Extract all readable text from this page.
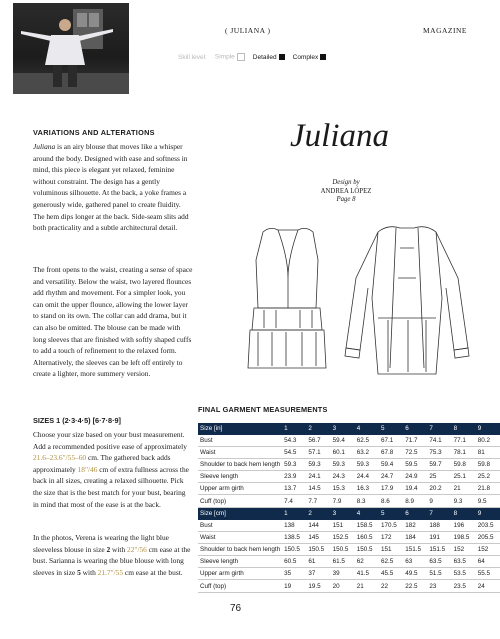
( JULIANA )	MAGAZINE
Skill level: Simple	Detailed	Complex
VARIATIONS AND ALTERATIONS
Juliana is an airy blouse that moves like a whisper around the body. Designed with ease and softness in mind, this piece is elegant yet relaxed, feminine without constraint. The design has a gently voluminous silhouette. At the back, a yoke frames a generously wide, gathered panel to create fluidity. The hem dips longer at the back. Side-seam slits add both practicality and a subtle architectural detail.
The front opens to the waist, creating a sense of space and versatility. Below the waist, two layered flounces add rhythm and movement. For a simpler look, you can omit the upper flounce, allowing the lower layer to stand on its own. The collar can add drama, but it can also be omitted. The blouse can be made with long sleeves that are finished with softly shaped cuffs to add a touch of refinement to the relaxed form. Alternatively, the sleeves can be left off entirely to create a lighter, more summery version.
SIZES 1 (2·3·4·5) [6·7·8·9]
Choose your size based on your bust measurement. Add a recommended positive ease of approximately 21.6–23.6"/55–60 cm. The gathered back adds approximately 18"/46 cm of extra fullness across the back in all sizes, creating a relaxed silhouette. Pick the size that is the best match for your bust, bearing in mind that most of the ease is at the back.
In the photos, Verena is wearing the light blue sleeveless blouse in size 2 with 22"/56 cm ease at the bust. Sarianna is wearing the blue blouse with long sleeves in size 5 with 21.7"/55 cm ease at the bust.
Juliana
Design by
ANDREA LÓPEZ
Page 8
FINAL GARMENT MEASUREMENTS
Size [in]	1	2	3	4	5	6	7	8	9
Bust	54.3	56.7	59.4	62.5	67.1	71.7	74.1	77.1	80.2
Waist	54.5	57.1	60.1	63.2	67.8	72.5	75.3	78.1	81
Shoulder to back hem length	59.3	59.3	59.3	59.3	59.4	59.5	59.7	59.8	59.8
Sleeve length	23.9	24.1	24.3	24.4	24.7	24.9	25	25.1	25.2
Upper arm girth	13.7	14.5	15.3	16.3	17.9	19.4	20.2	21	21.8
Cuff (top)	7.4	7.7	7.9	8.3	8.6	8.9	9	9.3	9.5
Size [cm]	1	2	3	4	5	6	7	8	9
Bust	138	144	151	158.5	170.5	182	188	196	203.5
Waist	138.5	145	152.5	160.5	172	184	191	198.5	205.5
Shoulder to back hem length	150.5	150.5	150.5	150.5	151	151.5	151.5	152	152
Sleeve length	60.5	61	61.5	62	62.5	63	63.5	63.5	64
Upper arm girth	35	37	39	41.5	45.5	49.5	51.5	53.5	55.5
Cuff (top)	19	19.5	20	21	22	22.5	23	23.5	24
76
